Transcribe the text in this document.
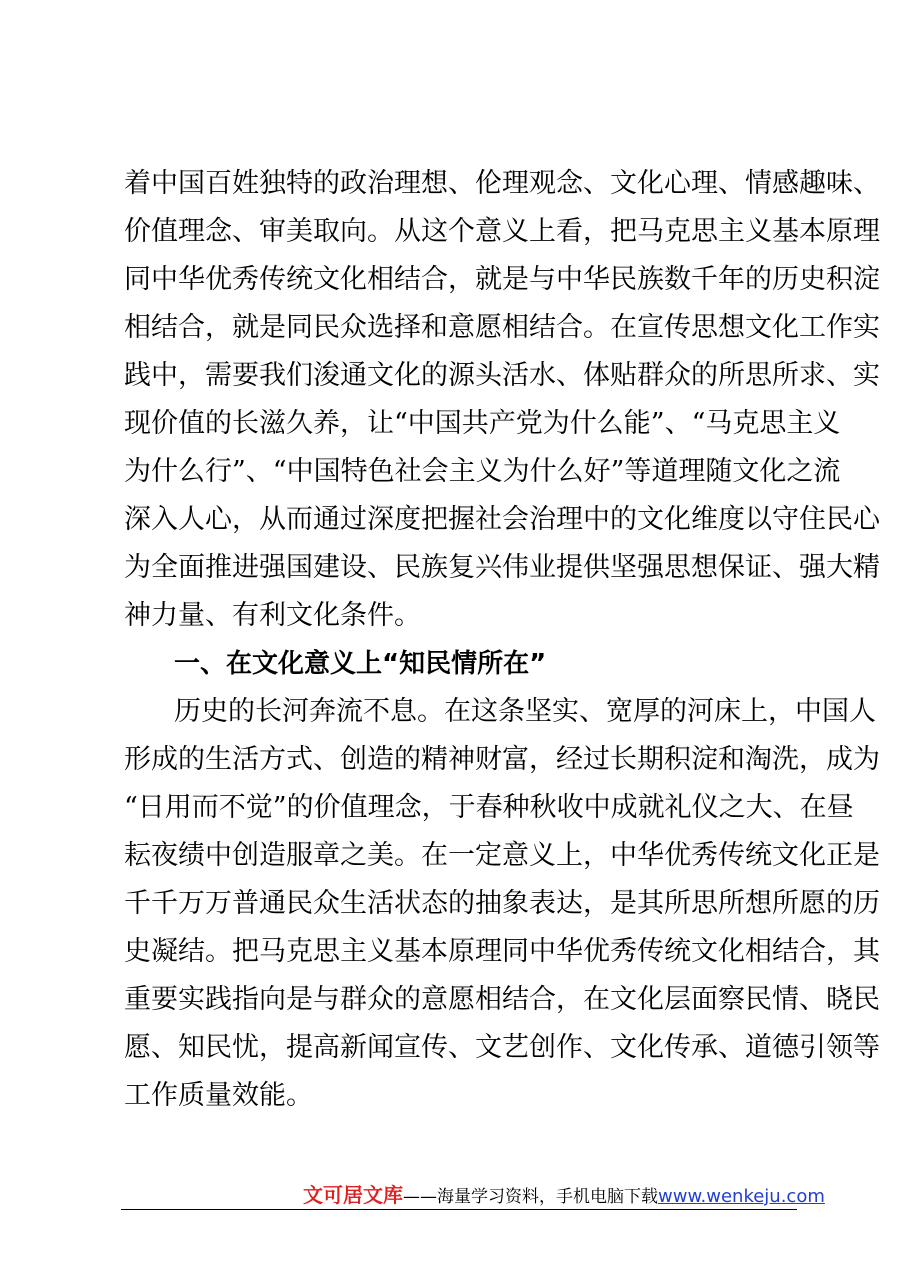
着中国百姓独特的政治理想、伦理观念、文化心理、情感趣味、
价值理念、审美取向。从这个意义上看，把马克思主义基本原理
同中华优秀传统文化相结合，就是与中华民族数千年的历史积淀
相结合，就是同民众选择和意愿相结合。在宣传思想文化工作实
践中，需要我们浚通文化的源头活水、体贴群众的所思所求、实
现价值的长滋久养，让“中国共产党为什么能”、“马克思主义
为什么行”、“中国特色社会主义为什么好”等道理随文化之流
深入人心，从而通过深度把握社会治理中的文化维度以守住民心
为全面推进强国建设、民族复兴伟业提供坚强思想保证、强大精
神力量、有利文化条件。
一、在文化意义上“知民情所在”
历史的长河奔流不息。在这条坚实、宽厚的河床上，中国人
形成的生活方式、创造的精神财富，经过长期积淀和淘洗，成为
“日用而不觉”的价值理念，于春种秋收中成就礼仪之大、在昼
耘夜绩中创造服章之美。在一定意义上，中华优秀传统文化正是
千千万万普通民众生活状态的抽象表达，是其所思所想所愿的历
史凝结。把马克思主义基本原理同中华优秀传统文化相结合，其
重要实践指向是与群众的意愿相结合，在文化层面察民情、晓民
愿、知民忧，提高新闻宣传、文艺创作、文化传承、道德引领等
工作质量效能。
文可居文库——海量学习资料，手机电脑下载www.wenkeju.com
